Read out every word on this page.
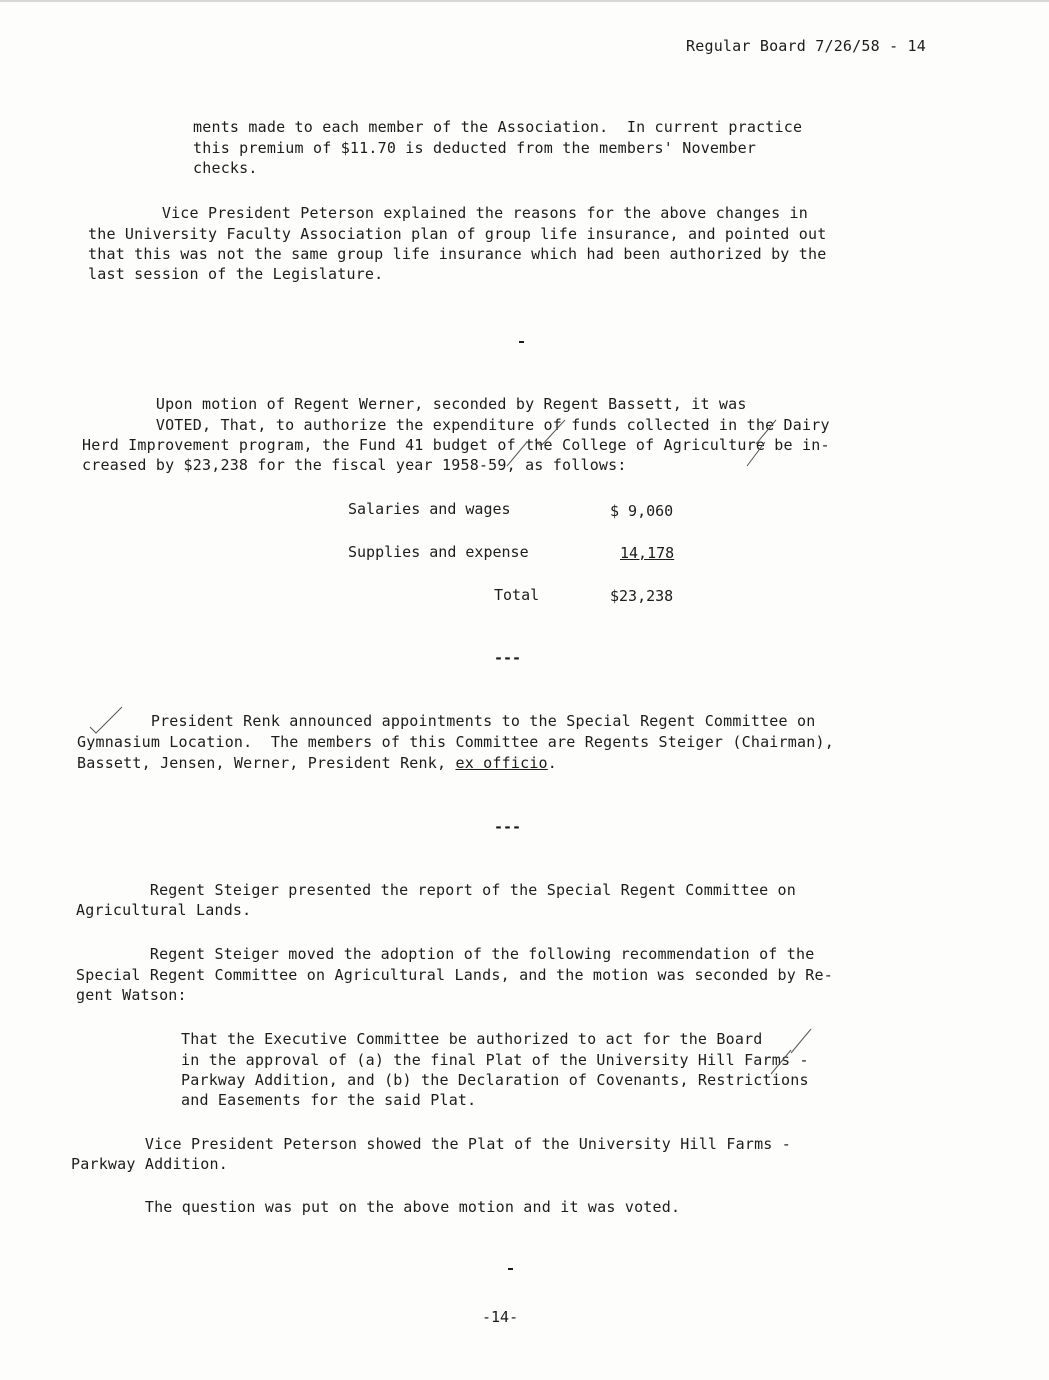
Regular Board 7/26/58 - 14
ments made to each member of the Association.  In current practice
this premium of $11.70 is deducted from the members' November
checks.
Vice President Peterson explained the reasons for the above changes in
the University Faculty Association plan of group life insurance, and pointed out
that this was not the same group life insurance which had been authorized by the
last session of the Legislature.
Upon motion of Regent Werner, seconded by Regent Bassett, it was
VOTED, That, to authorize the expenditure of funds collected in the Dairy
Herd Improvement program, the Fund 41 budget of the College of Agriculture be in-
creased by $23,238 for the fiscal year 1958-59, as follows:
Salaries and wages	$ 9,060
Supplies and expense	14,178
Total	$23,238
---
President Renk announced appointments to the Special Regent Committee on
Gymnasium Location.  The members of this Committee are Regents Steiger (Chairman),
Bassett, Jensen, Werner, President Renk, ex officio.
---
Regent Steiger presented the report of the Special Regent Committee on
Agricultural Lands.
Regent Steiger moved the adoption of the following recommendation of the
Special Regent Committee on Agricultural Lands, and the motion was seconded by Re-
gent Watson:
That the Executive Committee be authorized to act for the Board
in the approval of (a) the final Plat of the University Hill Farms -
Parkway Addition, and (b) the Declaration of Covenants, Restrictions
and Easements for the said Plat.
Vice President Peterson showed the Plat of the University Hill Farms -
Parkway Addition.
The question was put on the above motion and it was voted.
-14-
